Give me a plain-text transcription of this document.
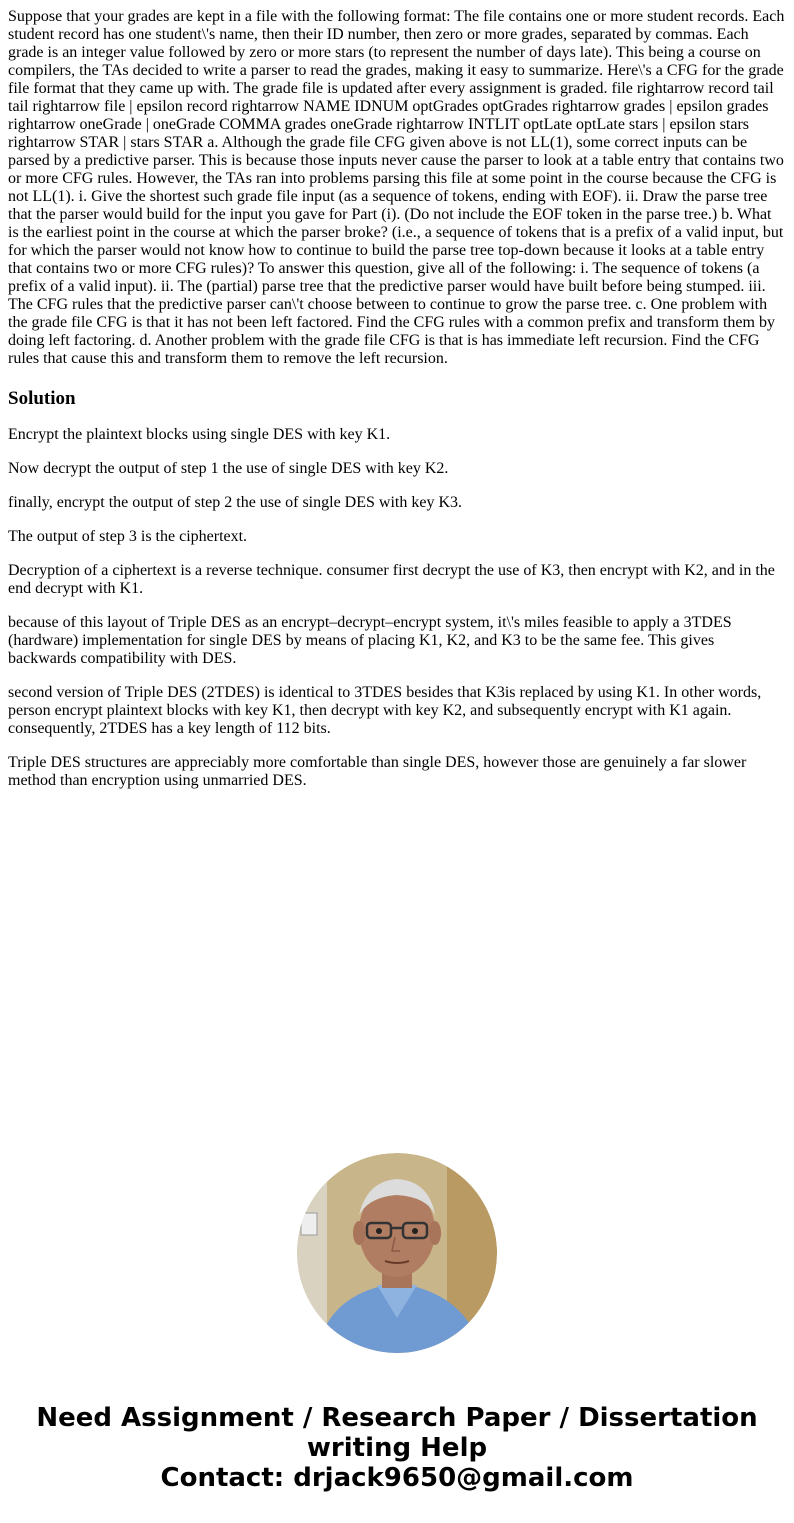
Suppose that your grades are kept in a file with the following format: The file contains one or more student records. Each student record has one student\'s name, then their ID number, then zero or more grades, separated by commas. Each grade is an integer value followed by zero or more stars (to represent the number of days late). This being a course on compilers, the TAs decided to write a parser to read the grades, making it easy to summarize. Here\'s a CFG for the grade file format that they came up with. The grade file is updated after every assignment is graded. file rightarrow record tail tail rightarrow file | epsilon record rightarrow NAME IDNUM optGrades optGrades rightarrow grades | epsilon grades rightarrow oneGrade | oneGrade COMMA grades oneGrade rightarrow INTLIT optLate optLate stars | epsilon stars rightarrow STAR | stars STAR a. Although the grade file CFG given above is not LL(1), some correct inputs can be parsed by a predictive parser. This is because those inputs never cause the parser to look at a table entry that contains two or more CFG rules. However, the TAs ran into problems parsing this file at some point in the course because the CFG is not LL(1). i. Give the shortest such grade file input (as a sequence of tokens, ending with EOF). ii. Draw the parse tree that the parser would build for the input you gave for Part (i). (Do not include the EOF token in the parse tree.) b. What is the earliest point in the course at which the parser broke? (i.e., a sequence of tokens that is a prefix of a valid input, but for which the parser would not know how to continue to build the parse tree top-down because it looks at a table entry that contains two or more CFG rules)? To answer this question, give all of the following: i. The sequence of tokens (a prefix of a valid input). ii. The (partial) parse tree that the predictive parser would have built before being stumped. iii. The CFG rules that the predictive parser can\'t choose between to continue to grow the parse tree. c. One problem with the grade file CFG is that it has not been left factored. Find the CFG rules with a common prefix and transform them by doing left factoring. d. Another problem with the grade file CFG is that is has immediate left recursion. Find the CFG rules that cause this and transform them to remove the left recursion.

Solution

Encrypt the plaintext blocks using single DES with key K1.

Now decrypt the output of step 1 the use of single DES with key K2.

finally, encrypt the output of step 2 the use of single DES with key K3.

The output of step 3 is the ciphertext.

Decryption of a ciphertext is a reverse technique. consumer first decrypt the use of K3, then encrypt with K2, and in the end decrypt with K1.

because of this layout of Triple DES as an encrypt–decrypt–encrypt system, it\'s miles feasible to apply a 3TDES (hardware) implementation for single DES by means of placing K1, K2, and K3 to be the same fee. This gives backwards compatibility with DES.

second version of Triple DES (2TDES) is identical to 3TDES besides that K3is replaced by using K1. In other words, person encrypt plaintext blocks with key K1, then decrypt with key K2, and subsequently encrypt with K1 again. consequently, 2TDES has a key length of 112 bits.

Triple DES structures are appreciably more comfortable than single DES, however those are genuinely a far slower method than encryption using unmarried DES.

Need Assignment / Research Paper / Dissertation
writing Help
Contact: drjack9650@gmail.com
